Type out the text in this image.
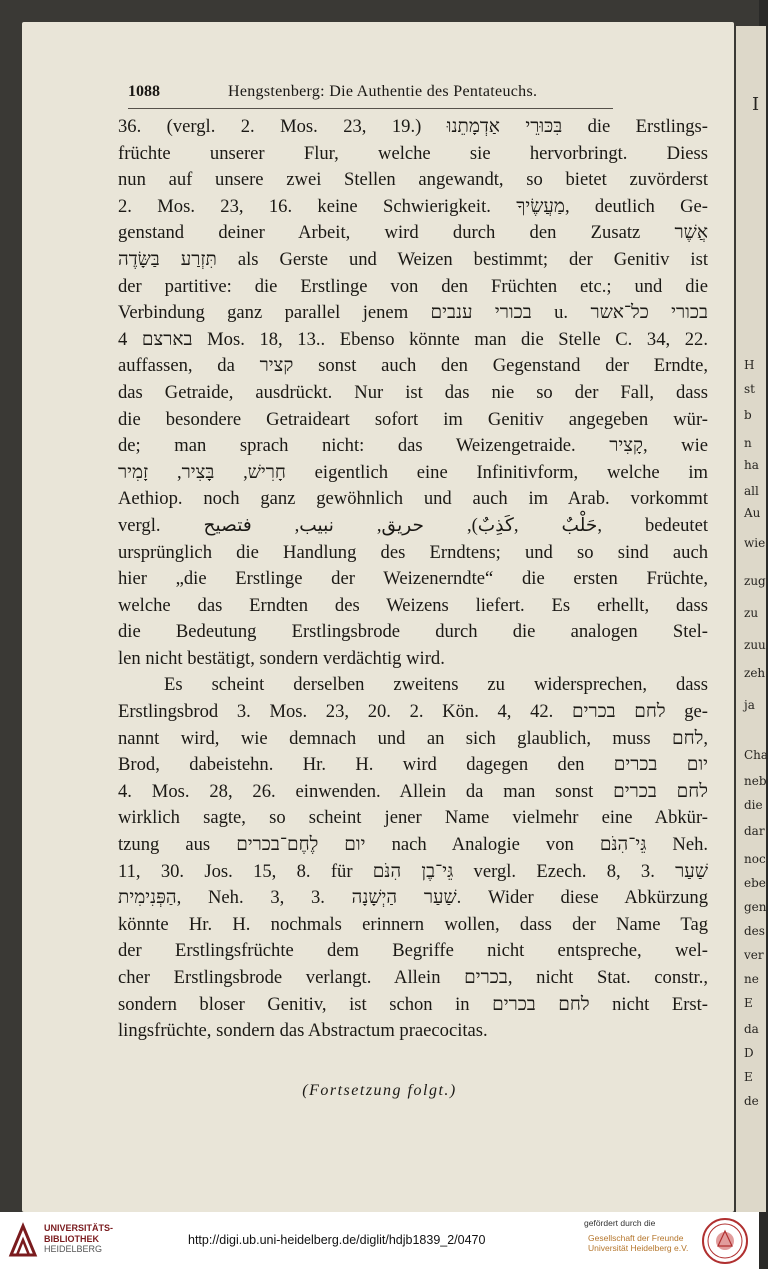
I
H
st
b
n
ha
all
Au
wie
zug
zu
zuu
zeh
ja
Cha
neb
die
dar
noc
ebe
gen
des
ver
ne
E
da
D
E
de
1088	Hengstenberg: Die Authentie des Pentateuchs.
36. (vergl. 2. Mos. 23, 19.) בִּכּוּרֵי אַדְמָתֵנוּ die Erstlings-
früchte unserer Flur, welche sie hervorbringt. Diess
nun auf unsere zwei Stellen angewandt, so bietet zuvörderst
2. Mos. 23, 16. keine Schwierigkeit. מַעֲשֶׂיךָ, deutlich Ge-
genstand deiner Arbeit, wird durch den Zusatz אֲשֶׁר
תִּזְרַע בַּשָּׂדֶה als Gerste und Weizen bestimmt; der Genitiv ist
der partitive: die Erstlinge von den Früchten etc.; und die
Verbindung ganz parallel jenem בכורי ענבים u. בכורי כל־אשר
בארצם 4 Mos. 18, 13.. Ebenso könnte man die Stelle C. 34, 22.
auffassen, da קציר sonst auch den Gegenstand der Erndte,
das Getraide, ausdrückt. Nur ist das nie so der Fall, dass
die besondere Getraideart sofort im Genitiv angegeben wür-
de; man sprach nicht: das Weizengetraide. קָצִיר, wie
חָרִישׁ, בָּצִיר, זָמִיר eigentlich eine Infinitivform, welche im
Aethiop. noch ganz gewöhnlich und auch im Arab. vorkommt
vergl. حَلْبٌ ,كَذِبٌ), حريق, نبيب, فتصيح, bedeutet
ursprünglich die Handlung des Erndtens; und so sind auch
hier „die Erstlinge der Weizenerndte“ die ersten Früchte,
welche das Erndten des Weizens liefert. Es erhellt, dass
die Bedeutung Erstlingsbrode durch die analogen Stel-
len nicht bestätigt, sondern verdächtig wird.
Es scheint derselben zweitens zu widersprechen, dass
Erstlingsbrod 3. Mos. 23, 20. 2. Kön. 4, 42. לחם בכרים ge-
nannt wird, wie demnach und an sich glaublich, muss לחם,
Brod, dabeistehn. Hr. H. wird dagegen den יום בכרים
4. Mos. 28, 26. einwenden. Allein da man sonst לחם בכרים
wirklich sagte, so scheint jener Name vielmehr eine Abkür-
tzung aus יום לֶחֶם־בכרים nach Analogie von גֵּי־הִנֹּם Neh.
11, 30. Jos. 15, 8. für גֵּי־בֶן הִנֹּם vergl. Ezech. 8, 3. שַׁעַר
הַפְּנִימִית, Neh. 3, 3. שַׁעַר הַיְשָׁנָה. Wider diese Abkürzung
könnte Hr. H. nochmals erinnern wollen, dass der Name Tag
der Erstlingsfrüchte dem Begriffe nicht entspreche, wel-
cher Erstlingsbrode verlangt. Allein בכרים, nicht Stat. constr.,
sondern bloser Genitiv, ist schon in לחם בכרים nicht Erst-
lingsfrüchte, sondern das Abstractum praecocitas.
(Fortsetzung folgt.)
UNIVERSITÄTS-
BIBLIOTHEK
HEIDELBERG
http://digi.ub.uni-heidelberg.de/diglit/hdjb1839_2/0470
gefördert durch die
Gesellschaft der Freunde
Universität Heidelberg e.V.
